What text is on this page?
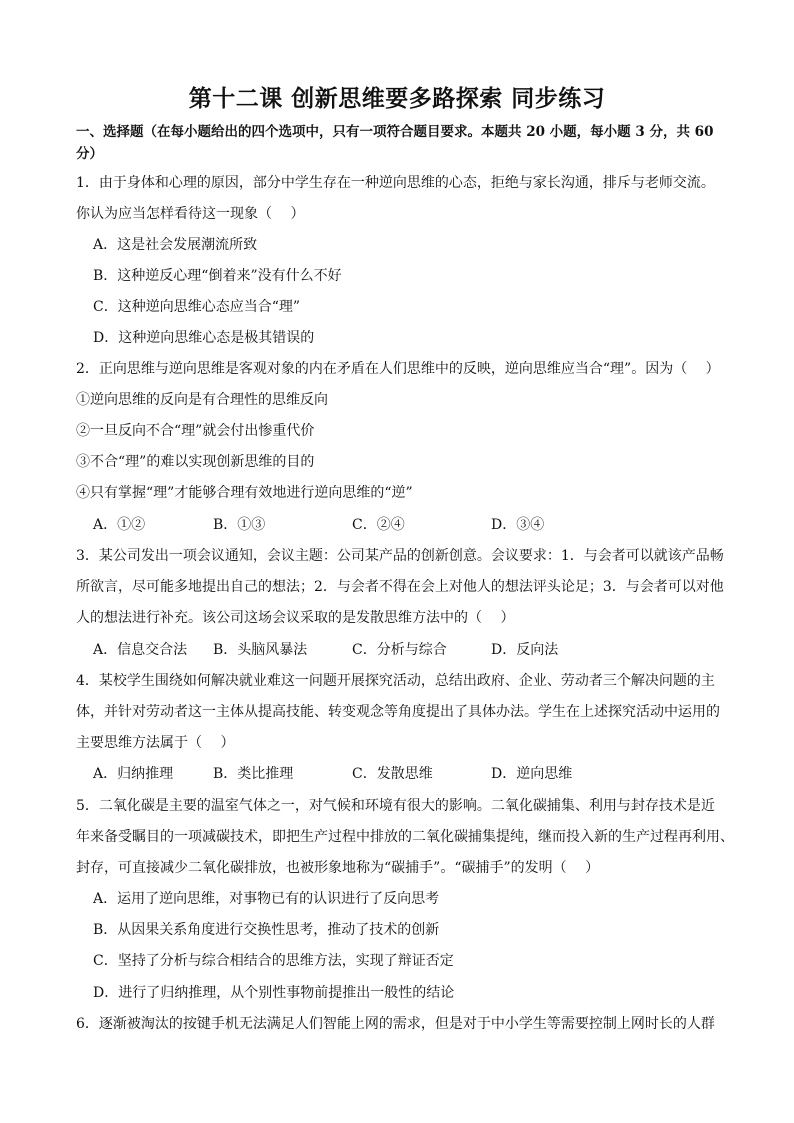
第十二课 创新思维要多路探索 同步练习
一、选择题（在每小题给出的四个选项中，只有一项符合题目要求。本题共 20 小题，每小题 3 分，共 60
分）
1．由于身体和心理的原因，部分中学生存在一种逆向思维的心态，拒绝与家长沟通，排斥与老师交流。
你认为应当怎样看待这一现象（　 ）
A．这是社会发展潮流所致
B．这种逆反心理“倒着来”没有什么不好
C．这种逆向思维心态应当合“理”
D．这种逆向思维心态是极其错误的
2．正向思维与逆向思维是客观对象的内在矛盾在人们思维中的反映，逆向思维应当合“理”。因为（　 ）
①逆向思维的反向是有合理性的思维反向
②一旦反向不合“理”就会付出惨重代价
③不合“理”的难以实现创新思维的目的
④只有掌握“理”才能够合理有效地进行逆向思维的“逆”
A．①②	B．①③	C．②④	D．③④
3．某公司发出一项会议通知，会议主题：公司某产品的创新创意。会议要求：1．与会者可以就该产品畅
所欲言，尽可能多地提出自己的想法；2．与会者不得在会上对他人的想法评头论足；3．与会者可以对他
人的想法进行补充。该公司这场会议采取的是发散思维方法中的（　 ）
A．信息交合法 B．头脑风暴法	C．分析与综合	D．反向法
4．某校学生围绕如何解决就业难这一问题开展探究活动，总结出政府、企业、劳动者三个解决问题的主
体，并针对劳动者这一主体从提高技能、转变观念等角度提出了具体办法。学生在上述探究活动中运用的
主要思维方法属于（　 ）
A．归纳推理	B．类比推理	C．发散思维	D．逆向思维
5．二氧化碳是主要的温室气体之一，对气候和环境有很大的影响。二氧化碳捕集、利用与封存技术是近
年来备受瞩目的一项减碳技术，即把生产过程中排放的二氧化碳捕集提纯，继而投入新的生产过程再利用、
封存，可直接减少二氧化碳排放，也被形象地称为“碳捕手”。“碳捕手”的发明（　 ）
A．运用了逆向思维，对事物已有的认识进行了反向思考
B．从因果关系角度进行交换性思考，推动了技术的创新
C．坚持了分析与综合相结合的思维方法，实现了辩证否定
D．进行了归纳推理，从个别性事物前提推出一般性的结论
6．逐渐被淘汰的按键手机无法满足人们智能上网的需求，但是对于中小学生等需要控制上网时长的人群
